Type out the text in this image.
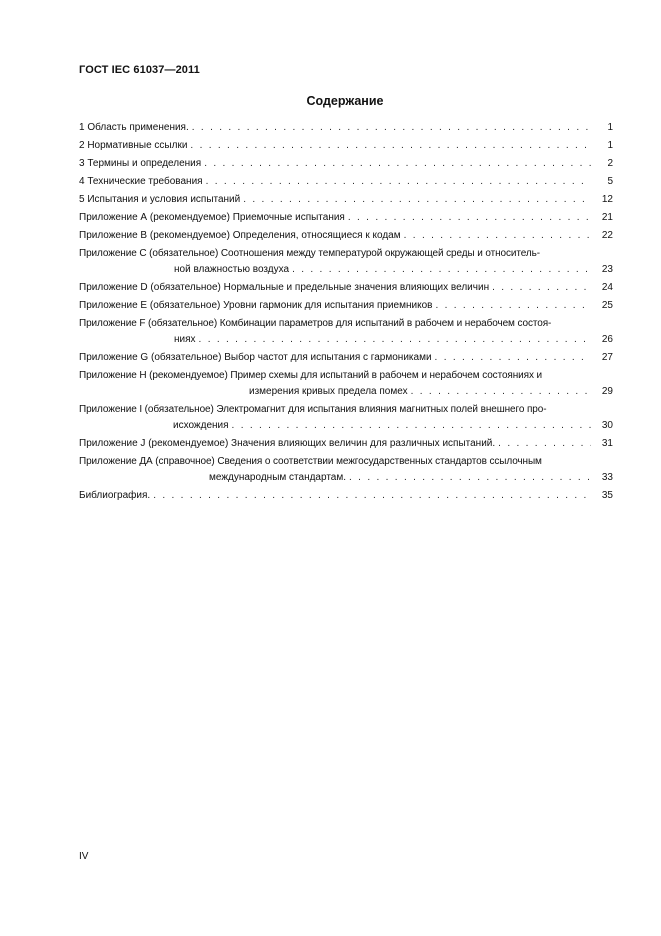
ГОСТ IEC 61037—2011
Содержание
1 Область применения. . . .	1
2 Нормативные ссылки . . .	1
3 Термины и определения . . .	2
4 Технические требования . . .	5
5 Испытания и условия испытаний . . .	12
Приложение А (рекомендуемое) Приемочные испытания . . .	21
Приложение В (рекомендуемое) Определения, относящиеся к кодам . . .	22
Приложение С (обязательное) Соотношения между температурой окружающей среды и относитель-
ной влажностью воздуха . . .	23
Приложение D (обязательное) Нормальные и предельные значения влияющих величин . . .	24
Приложение Е (обязательное) Уровни гармоник для испытания приемников . . .	25
Приложение F (обязательное) Комбинации параметров для испытаний в рабочем и нерабочем состоя-
ниях . . .	26
Приложение G (обязательное) Выбор частот для испытания с гармониками . . .	27
Приложение Н (рекомендуемое) Пример схемы для испытаний в рабочем и нерабочем состояниях и
измерения кривых предела помех . . .	29
Приложение I (обязательное) Электромагнит для испытания влияния магнитных полей внешнего про-
исхождения . . .	30
Приложение J (рекомендуемое) Значения влияющих величин для различных испытаний. . . .	31
Приложение ДА (справочное) Сведения о соответствии межгосударственных стандартов ссылочным
международным стандартам. . . .	33
Библиография. . . .	35
IV
